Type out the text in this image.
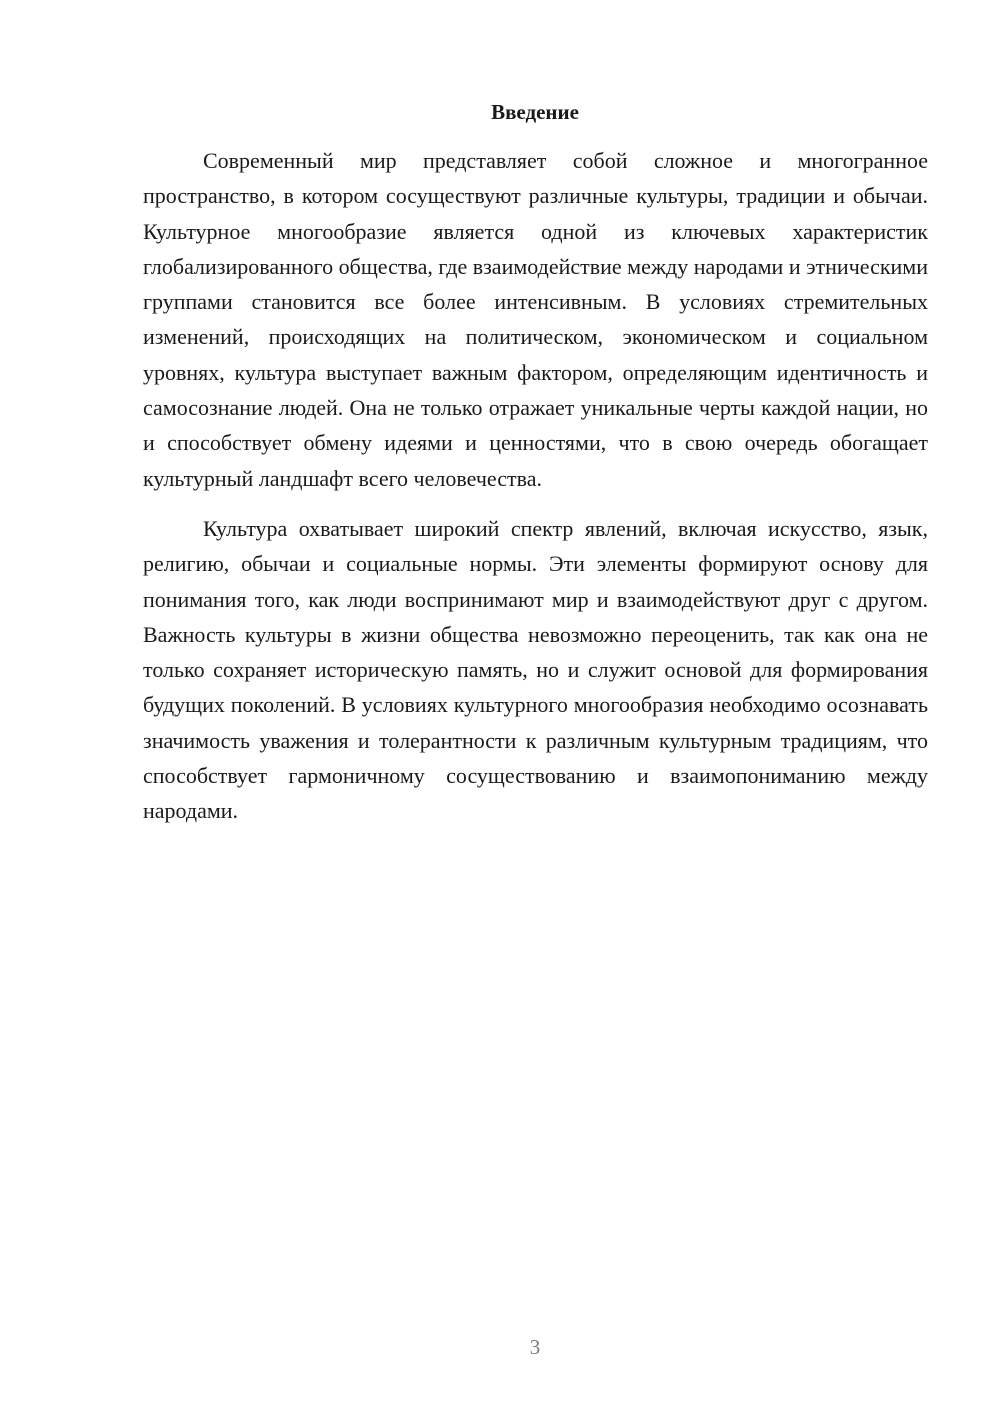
Введение

Современный мир представляет собой сложное и многогранное пространство, в котором сосуществуют различные культуры, традиции и обычаи. Культурное многообразие является одной из ключевых характеристик глобализированного общества, где взаимодействие между народами и этническими группами становится все более интенсивным. В условиях стремительных изменений, происходящих на политическом, экономическом и социальном уровнях, культура выступает важным фактором, определяющим идентичность и самосознание людей. Она не только отражает уникальные черты каждой нации, но и способствует обмену идеями и ценностями, что в свою очередь обогащает культурный ландшафт всего человечества.

Культура охватывает широкий спектр явлений, включая искусство, язык, религию, обычаи и социальные нормы. Эти элементы формируют основу для понимания того, как люди воспринимают мир и взаимодействуют друг с другом. Важность культуры в жизни общества невозможно переоценить, так как она не только сохраняет историческую память, но и служит основой для формирования будущих поколений. В условиях культурного многообразия необходимо осознавать значимость уважения и толерантности к различным культурным традициям, что способствует гармоничному сосуществованию и взаимопониманию между народами.

3
